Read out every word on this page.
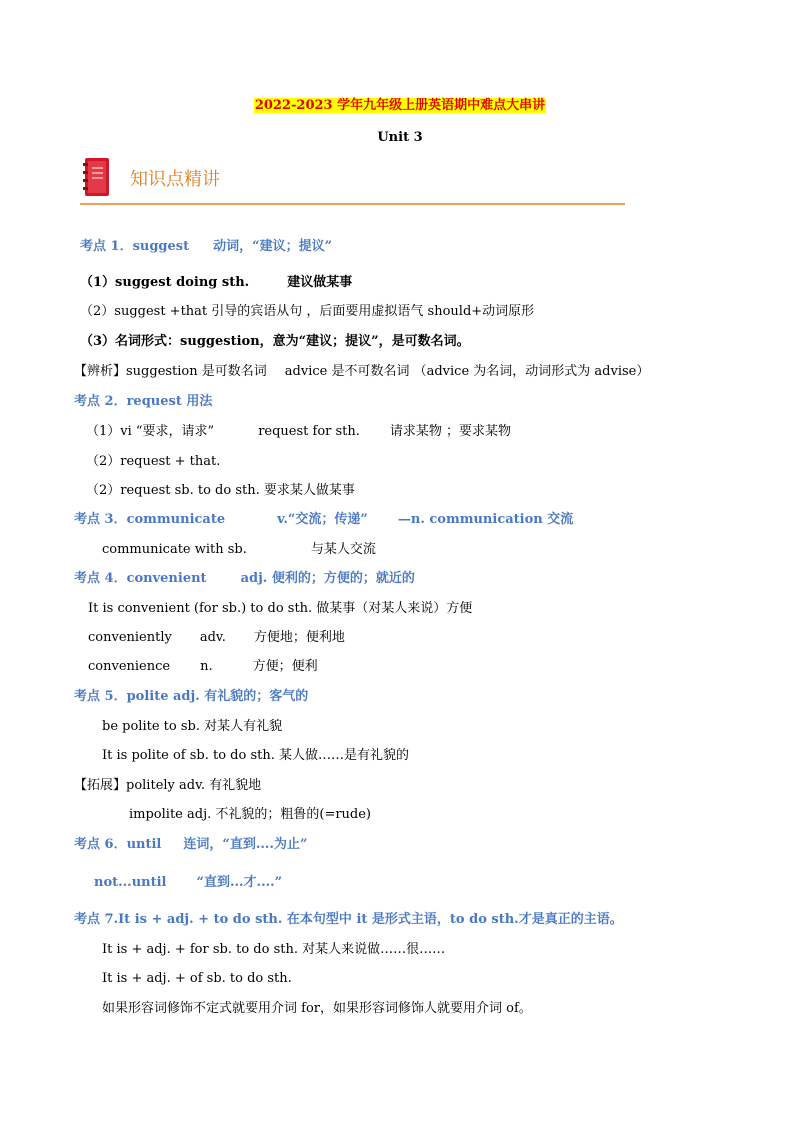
2022-2023 学年九年级上册英语期中难点大串讲
Unit 3
知识点精讲
考点 1．suggest 动词，“建议；提议”
（1）suggest doing sth.	建议做某事
（2）suggest +that 引导的宾语从句 ，后面要用虚拟语气 should+动词原形
（3）名词形式：suggestion，意为“建议；提议”，是可数名词。
【辨析】suggestion 是可数名词 advice 是不可数名词 （advice 为名词，动词形式为 advise）
考点 2．request 用法
（1）vi “要求，请求”	request for sth. 请求某物 ；要求某物
（2）request + that.
（2）request sb. to do sth. 要求某人做某事
考点 3．communicate	v.“交流；传递” —n. communication 交流
communicate with sb.	与某人交流
考点 4．convenient	adj. 便利的；方便的；就近的
It is convenient (for sb.) to do sth. 做某事（对某人来说）方便
conveniently adv. 方便地；便利地
convenience n.	方便；便利
考点 5．polite adj. 有礼貌的；客气的
be polite to sb. 对某人有礼貌
It is polite of sb. to do sth. 某人做……是有礼貌的
【拓展】politely adv. 有礼貌地
impolite adj. 不礼貌的；粗鲁的(=rude)
考点 6．until 连词，“直到....为止”
not...until “直到...才....”
考点 7.It is + adj. + to do sth. 在本句型中 it 是形式主语，to do sth.才是真正的主语。
It is + adj. + for sb. to do sth. 对某人来说做……很……
It is + adj. + of sb. to do sth.
如果形容词修饰不定式就要用介词 for，如果形容词修饰人就要用介词 of。
